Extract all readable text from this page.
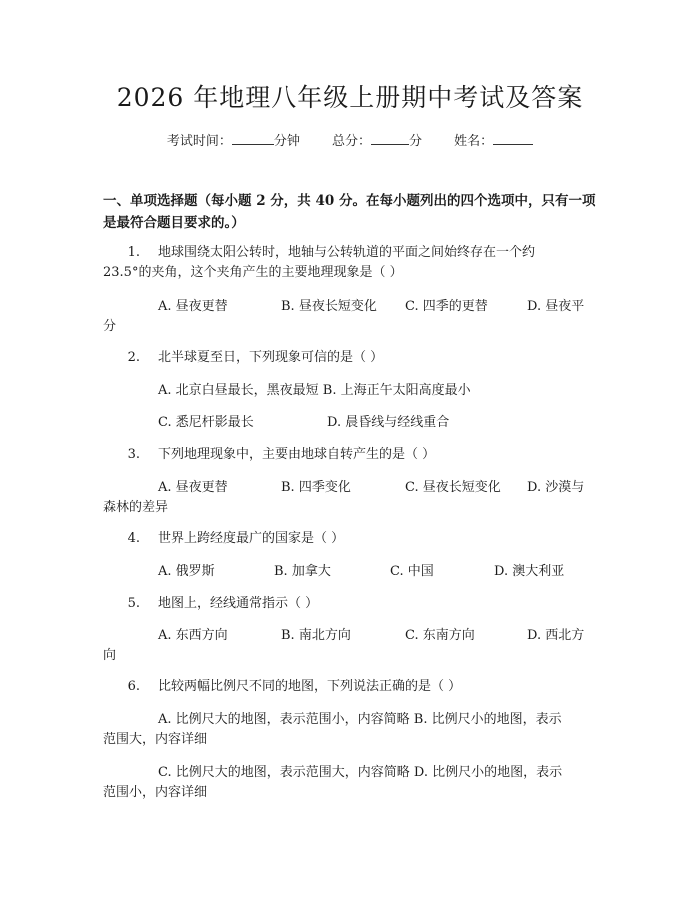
2026 年地理八年级上册期中考试及答案
考试时间：	分钟 总分：	分 姓名：
一、单项选择题（每小题 2 分，共 40 分。在每小题列出的四个选项中，只有一项
是最符合题目要求的。）
1. 地球围绕太阳公转时，地轴与公转轨道的平面之间始终存在一个约
23.5°的夹角，这个夹角产生的主要地理现象是（ ）
A. 昼夜更替	B. 昼夜长短变化 C. 四季的更替	D. 昼夜平
分
2. 北半球夏至日，下列现象可信的是（ ）
A. 北京白昼最长，黑夜最短 B. 上海正午太阳高度最小
C. 悉尼杆影最长	D. 晨昏线与经线重合
3. 下列地理现象中，主要由地球自转产生的是（ ）
A. 昼夜更替	B. 四季变化	C. 昼夜长短变化 D. 沙漠与
森林的差异
4. 世界上跨经度最广的国家是（ ）
A. 俄罗斯	B. 加拿大	C. 中国	D. 澳大利亚
5. 地图上，经线通常指示（ ）
A. 东西方向	B. 南北方向	C. 东南方向	D. 西北方
向
6. 比较两幅比例尺不同的地图，下列说法正确的是（ ）
A. 比例尺大的地图，表示范围小，内容简略 B. 比例尺小的地图，表示
范围大，内容详细
C. 比例尺大的地图，表示范围大，内容简略 D. 比例尺小的地图，表示
范围小，内容详细
